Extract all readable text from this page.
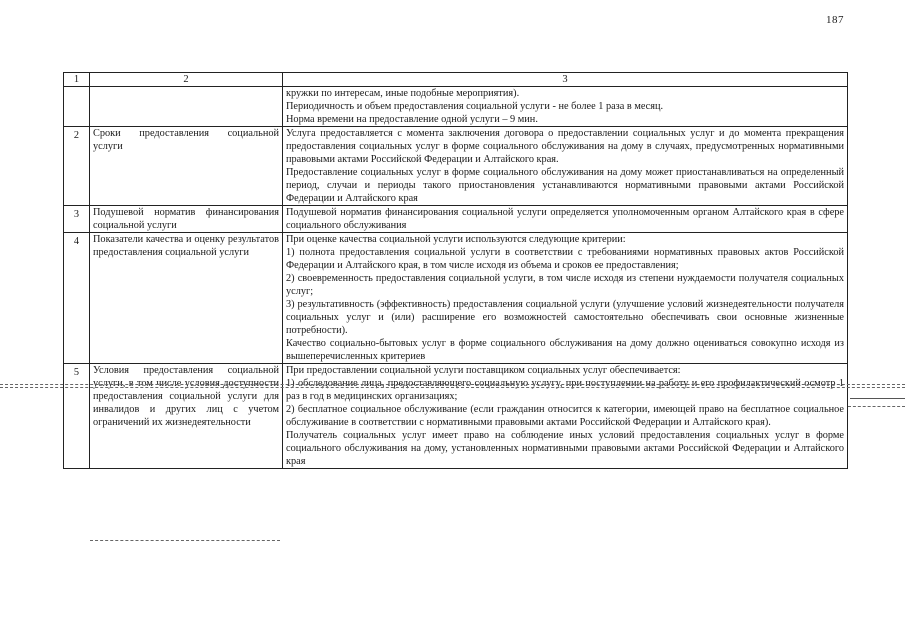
187
1	2	3

		кружки по интересам, иные подобные мероприятия).

Периодичность и объем предоставления социальной услуги - не более 1 раза в месяц.

Норма времени на предоставление одной услуги – 9 мин.

2	Сроки предоставления социальной услуги	Услуга предоставляется с момента заключения договора о предоставлении социальных услуг и до момента прекращения предоставления социальных услуг в форме социального обслуживания на дому в случаях, предусмотренных нормативными правовыми актами Российской Федерации и Алтайского края.

Предоставление социальных услуг в форме социального обслуживания на дому может приостанавливаться на определенный период, случаи и периоды такого приостановления устанавливаются нормативными правовыми актами Российской Федерации и Алтайского края

3	Подушевой норматив финансирования социальной услуги	Подушевой норматив финансирования социальной услуги определяется уполномоченным органом Алтайского края в сфере социального обслуживания

4	Показатели качества и оценку результатов предоставления социальной услуги	При оценке качества социальной услуги используются следующие критерии:

1) полнота предоставления социальной услуги в соответствии с требованиями нормативных правовых актов Российской Федерации и Алтайского края, в том числе исходя из объема и сроков ее предоставления;

2) своевременность предоставления социальной услуги, в том числе исходя из степени нуждаемости получателя социальных услуг;

3) результативность (эффективность) предоставления социальной услуги (улучшение условий жизнедеятельности получателя социальных услуг и (или) расширение его возможностей самостоятельно обеспечивать свои основные жизненные потребности).

Качество социально-бытовых услуг в форме социального обслуживания на дому должно оцениваться совокупно исходя из вышеперечисленных критериев

5	Условия предоставления социальной услуги, в том числе условия доступности предоставления социальной услуги для инвалидов и других лиц с учетом ограничений их жизнедеятельности	При предоставлении социальной услуги поставщиком социальных услуг обеспечивается:

1) обследование лица, предоставляющего социальную услугу, при поступлении на работу и его профилактический осмотр 1 раз в год в медицинских организациях;

2) бесплатное социальное обслуживание (если гражданин относится к категории, имеющей право на бесплатное социальное обслуживание в соответствии с нормативными правовыми актами Российской Федерации и Алтайского края).

Получатель социальных услуг имеет право на соблюдение иных условий предоставления социальных услуг в форме социального обслуживания на дому, установленных нормативными правовыми актами Российской Федерации и Алтайского края
